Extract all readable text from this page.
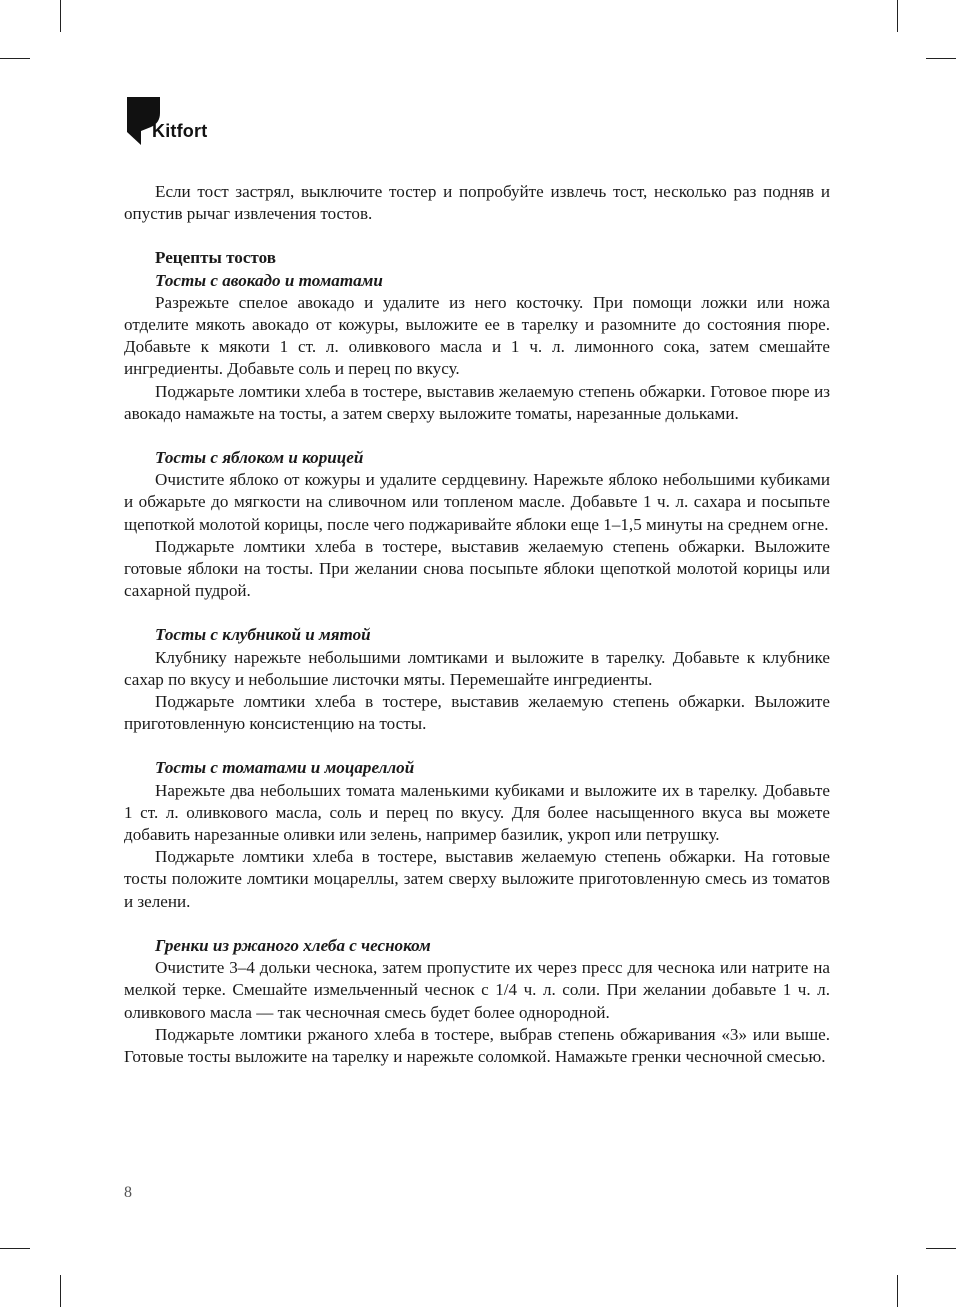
Kitfort

Если тост застрял, выключите тостер и попробуйте извлечь тост, несколько раз подняв и опустив рычаг извлечения тостов.

Рецепты тостов
Тосты с авокадо и томатами

Разрежьте спелое авокадо и удалите из него косточку. При помощи ложки или ножа отделите мякоть авокадо от кожуры, выложите ее в тарелку и разомните до состояния пюре. Добавьте к мякоти 1 ст. л. оливкового масла и 1 ч. л. лимонного сока, затем смешайте ингредиенты. Добавьте соль и перец по вкусу.

Поджарьте ломтики хлеба в тостере, выставив желаемую степень обжарки. Готовое пюре из авокадо намажьте на тосты, а затем сверху выложите томаты, нарезанные дольками.

Тосты с яблоком и корицей

Очистите яблоко от кожуры и удалите сердцевину. Нарежьте яблоко небольшими кубиками и обжарьте до мягкости на сливочном или топленом масле. Добавьте 1 ч. л. сахара и посыпьте щепоткой молотой корицы, после чего поджаривайте яблоки еще 1–1,5 минуты на среднем огне.

Поджарьте ломтики хлеба в тостере, выставив желаемую степень обжарки. Выложите готовые яблоки на тосты. При желании снова посыпьте яблоки щепоткой молотой корицы или сахарной пудрой.

Тосты с клубникой и мятой

Клубнику нарежьте небольшими ломтиками и выложите в тарелку. Добавьте к клубнике сахар по вкусу и небольшие листочки мяты. Перемешайте ингредиенты.

Поджарьте ломтики хлеба в тостере, выставив желаемую степень обжарки. Выложите приготовленную консистенцию на тосты.

Тосты с томатами и моцареллой

Нарежьте два небольших томата маленькими кубиками и выложите их в тарелку. Добавьте 1 ст. л. оливкового масла, соль и перец по вкусу. Для более насыщенного вкуса вы можете добавить нарезанные оливки или зелень, например базилик, укроп или петрушку.

Поджарьте ломтики хлеба в тостере, выставив желаемую степень обжарки. На готовые тосты положите ломтики моцареллы, затем сверху выложите приготовленную смесь из томатов и зелени.

Гренки из ржаного хлеба с чесноком

Очистите 3–4 дольки чеснока, затем пропустите их через пресс для чеснока или натрите на мелкой терке. Смешайте измельченный чеснок с 1/4 ч. л. соли. При желании добавьте 1 ч. л. оливкового масла — так чесночная смесь будет более однородной.

Поджарьте ломтики ржаного хлеба в тостере, выбрав степень обжаривания «3» или выше. Готовые тосты выложите на тарелку и нарежьте соломкой. Намажьте гренки чесночной смесью.

8
